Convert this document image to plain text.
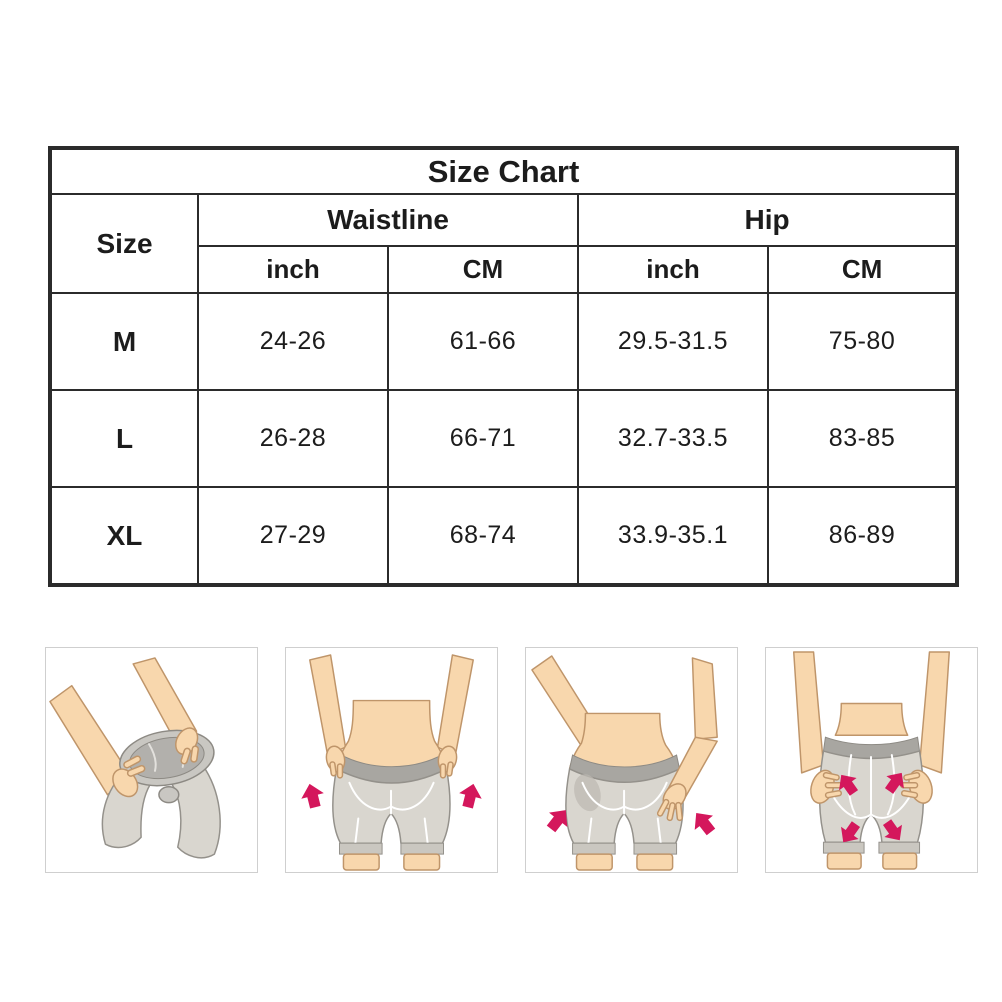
Size Chart				
Size	Waistline		Hip	
	inch	CM	inch	CM
M	24-26	61-66	29.5-31.5	75-80
L	26-28	66-71	32.7-33.5	83-85
XL	27-29	68-74	33.9-35.1	86-89
